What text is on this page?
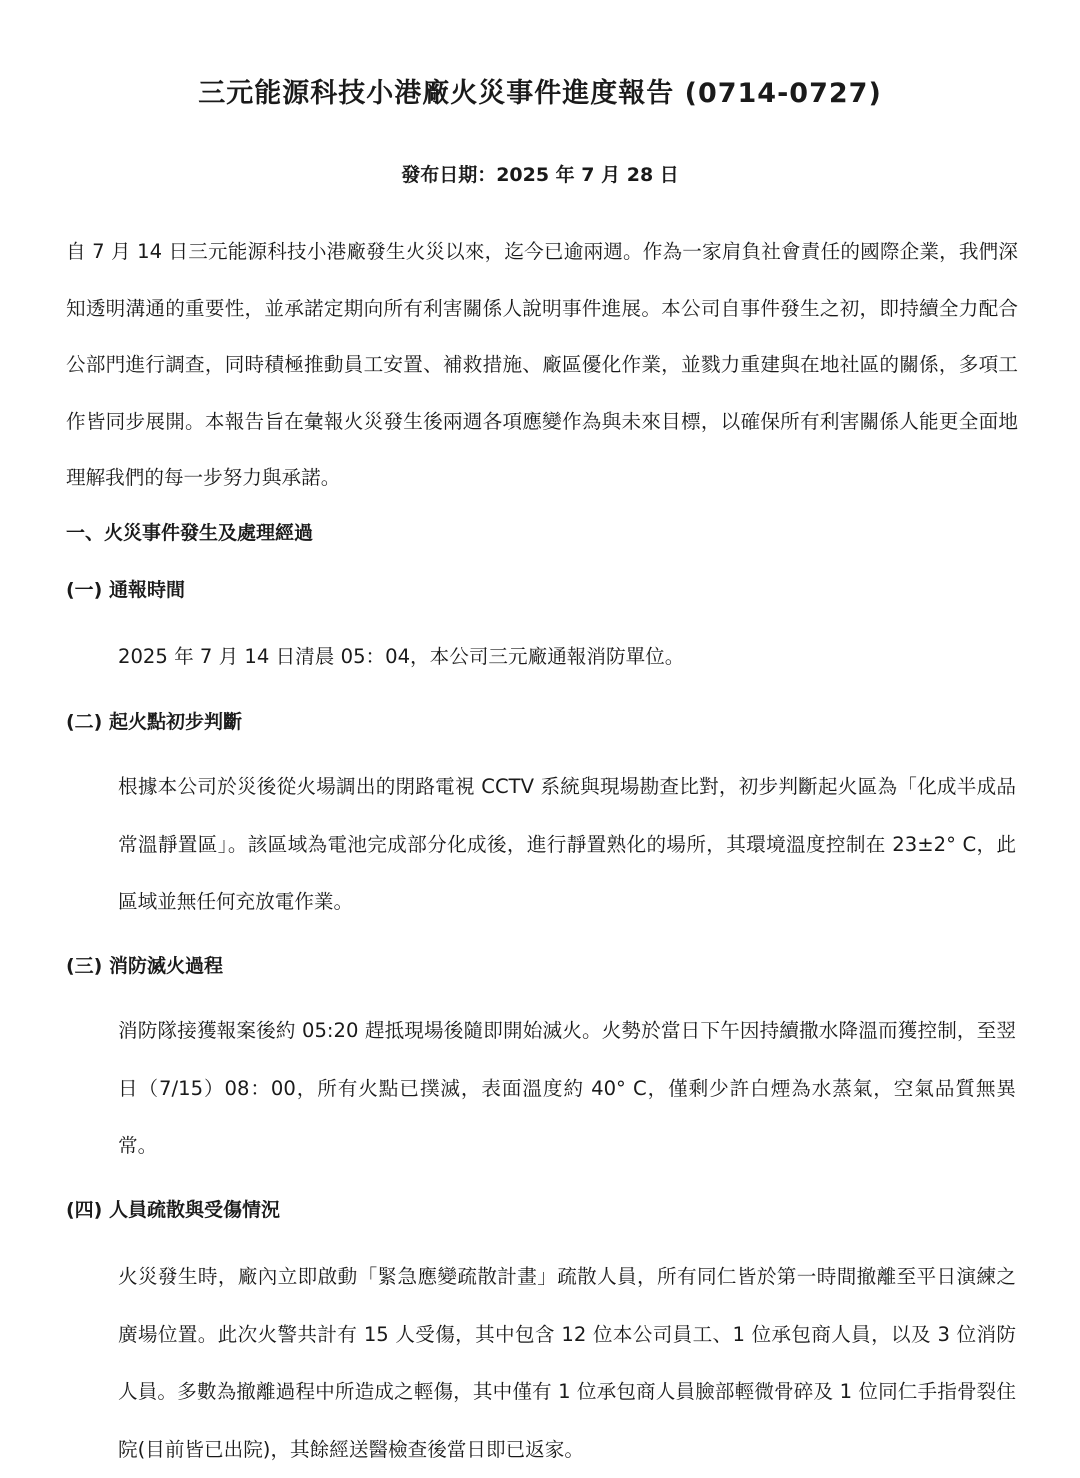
三元能源科技小港廠火災事件進度報告 (0714-0727)
發布日期：2025 年 7 月 28 日

自 7 月 14 日三元能源科技小港廠發生火災以來，迄今已逾兩週。作為一家肩負社會責任的國際企業，我們深知透明溝通的重要性，並承諾定期向所有利害關係人說明事件進展。本公司自事件發生之初，即持續全力配合公部門進行調查，同時積極推動員工安置、補救措施、廠區優化作業，並戮力重建與在地社區的關係，多項工作皆同步展開。本報告旨在彙報火災發生後兩週各項應變作為與未來目標，以確保所有利害關係人能更全面地理解我們的每一步努力與承諾。

一、火災事件發生及處理經過
(一) 通報時間

2025 年 7 月 14 日清晨 05：04，本公司三元廠通報消防單位。

(二) 起火點初步判斷

根據本公司於災後從火場調出的閉路電視 CCTV 系統與現場勘查比對，初步判斷起火區為「化成半成品常溫靜置區」。該區域為電池完成部分化成後，進行靜置熟化的場所，其環境溫度控制在 23±2° C，此區域並無任何充放電作業。

(三) 消防滅火過程

消防隊接獲報案後約 05:20 趕抵現場後隨即開始滅火。火勢於當日下午因持續撒水降溫而獲控制，至翌日（7/15）08：00，所有火點已撲滅，表面溫度約 40° C，僅剩少許白煙為水蒸氣，空氣品質無異常。

(四) 人員疏散與受傷情況

火災發生時，廠內立即啟動「緊急應變疏散計畫」疏散人員，所有同仁皆於第一時間撤離至平日演練之廣場位置。此次火警共計有 15 人受傷，其中包含 12 位本公司員工、1 位承包商人員，以及 3 位消防人員。多數為撤離過程中所造成之輕傷，其中僅有 1 位承包商人員臉部輕微骨碎及 1 位同仁手指骨裂住院(目前皆已出院)，其餘經送醫檢查後當日即已返家。
